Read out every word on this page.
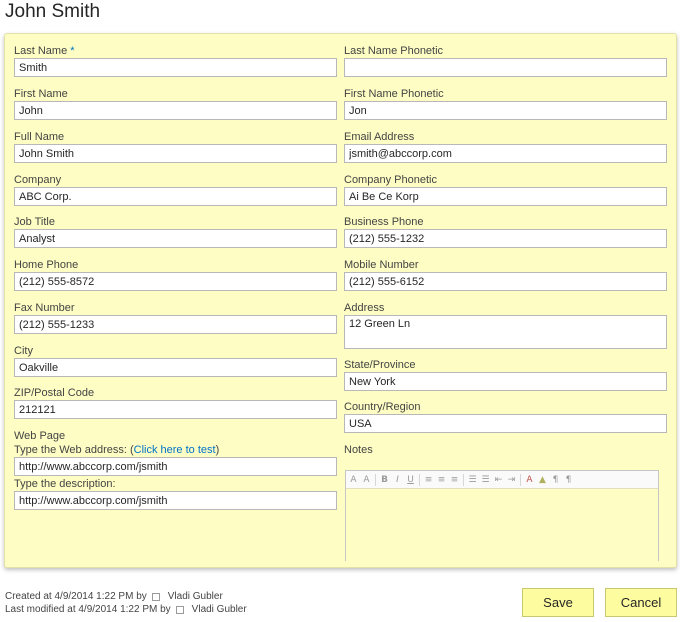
John Smith
Last Name *
Smith	Last Name Phonetic
First Name
John	First Name Phonetic
Jon
Full Name
John Smith	Email Address
jsmith@abccorp.com
Company
ABC Corp.	Company Phonetic
Ai Be Ce Korp
Job Title
Analyst	Business Phone
(212) 555-1232
Home Phone
(212) 555-8572	Mobile Number
(212) 555-6152
Fax Number
(212) 555-1233	Address
12 Green Ln
City
Oakville
State/Province
New York
ZIP/Postal Code
212121
Country/Region
USA
Web Page
Type the Web address: (Click here to test)
http://www.abccorp.com/jsmith
Type the description:
http://www.abccorp.com/jsmith
Notes
A A B I U ≡ ≡ ≡ ☰ ☰ ⇤ ⇥ A ▲ ¶ ¶
Created at 4/9/2014 1:22 PM by Vladi Gubler
Last modified at 4/9/2014 1:22 PM by Vladi Gubler	Save	Cancel
